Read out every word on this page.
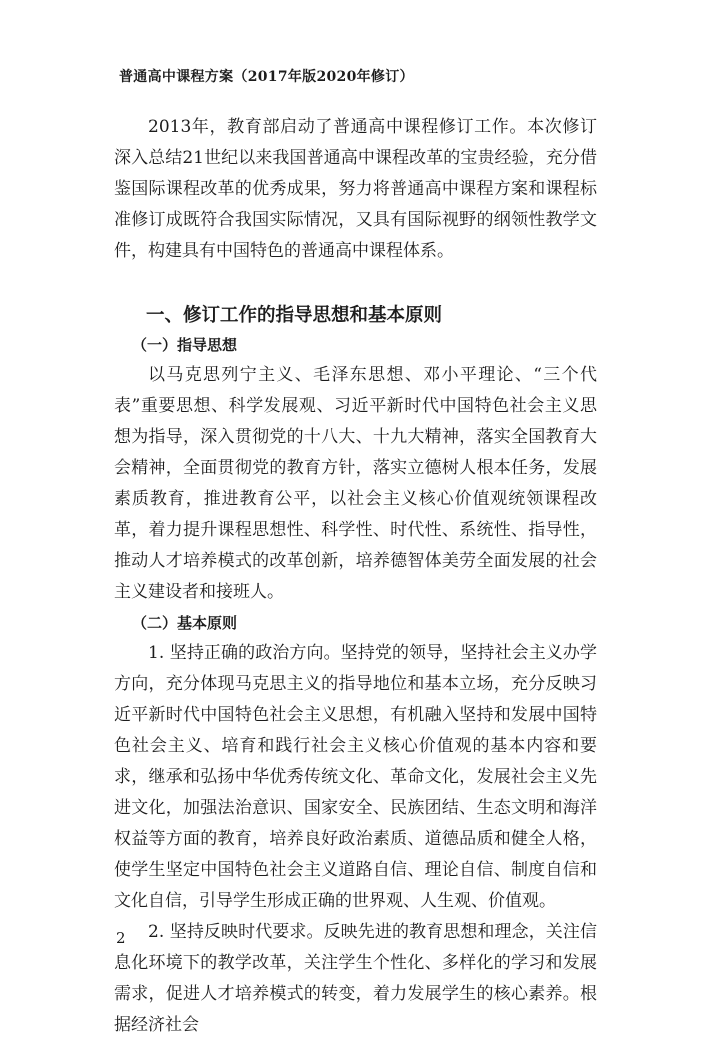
普通高中课程方案（2017年版2020年修订）

2013年，教育部启动了普通高中课程修订工作。本次修订深入总结21世纪以来我国普通高中课程改革的宝贵经验，充分借鉴国际课程改革的优秀成果，努力将普通高中课程方案和课程标准修订成既符合我国实际情况，又具有国际视野的纲领性教学文件，构建具有中国特色的普通高中课程体系。

一、修订工作的指导思想和基本原则
（一）指导思想

以马克思列宁主义、毛泽东思想、邓小平理论、“三个代表”重要思想、科学发展观、习近平新时代中国特色社会主义思想为指导，深入贯彻党的十八大、十九大精神，落实全国教育大会精神，全面贯彻党的教育方针，落实立德树人根本任务，发展素质教育，推进教育公平，以社会主义核心价值观统领课程改革，着力提升课程思想性、科学性、时代性、系统性、指导性，推动人才培养模式的改革创新，培养德智体美劳全面发展的社会主义建设者和接班人。

（二）基本原则

1. 坚持正确的政治方向。坚持党的领导，坚持社会主义办学方向，充分体现马克思主义的指导地位和基本立场，充分反映习近平新时代中国特色社会主义思想，有机融入坚持和发展中国特色社会主义、培育和践行社会主义核心价值观的基本内容和要求，继承和弘扬中华优秀传统文化、革命文化，发展社会主义先进文化，加强法治意识、国家安全、民族团结、生态文明和海洋权益等方面的教育，培养良好政治素质、道德品质和健全人格，使学生坚定中国特色社会主义道路自信、理论自信、制度自信和文化自信，引导学生形成正确的世界观、人生观、价值观。

2. 坚持反映时代要求。反映先进的教育思想和理念，关注信息化环境下的教学改革，关注学生个性化、多样化的学习和发展需求，促进人才培养模式的转变，着力发展学生的核心素养。根据经济社会

2
